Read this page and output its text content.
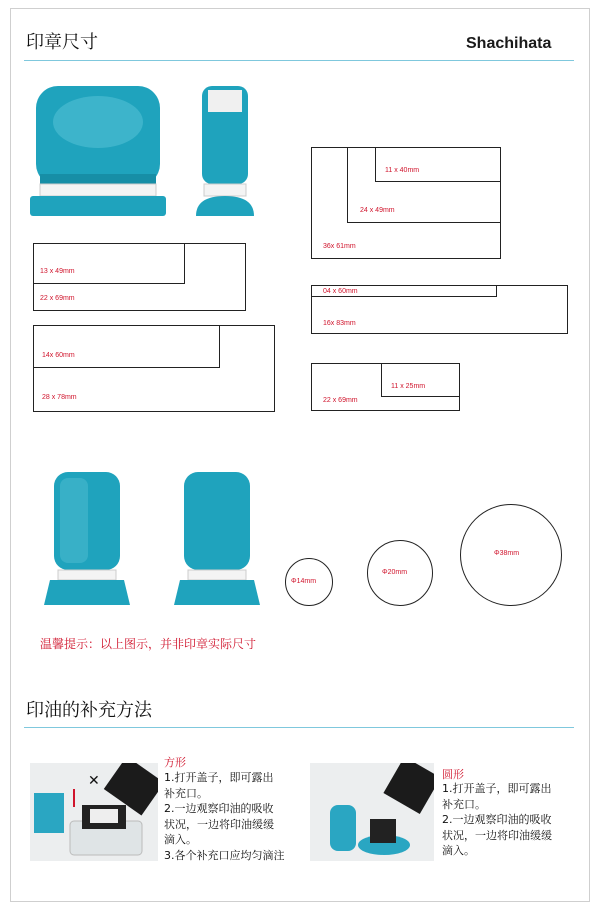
印章尺寸	Shachihata
11 x 40mm
24 x 49mm
36x 61mm
13 x 49mm
22 x 69mm
04 x 60mm
16x 83mm
14x 60mm
28 x 78mm
11 x 25mm
22 x 69mm
Φ14mm
Φ20mm
Φ38mm
温馨提示：以上图示，并非印章实际尺寸
印油的补充方法
✕
方形
1.打开盖子，即可露出
补充口。
2.一边观察印油的吸收
状况，一边将印油缓缓
滴入。
3.各个补充口应均匀滴注
圆形
1.打开盖子，即可露出
补充口。
2.一边观察印油的吸收
状况，一边将印油缓缓
滴入。
